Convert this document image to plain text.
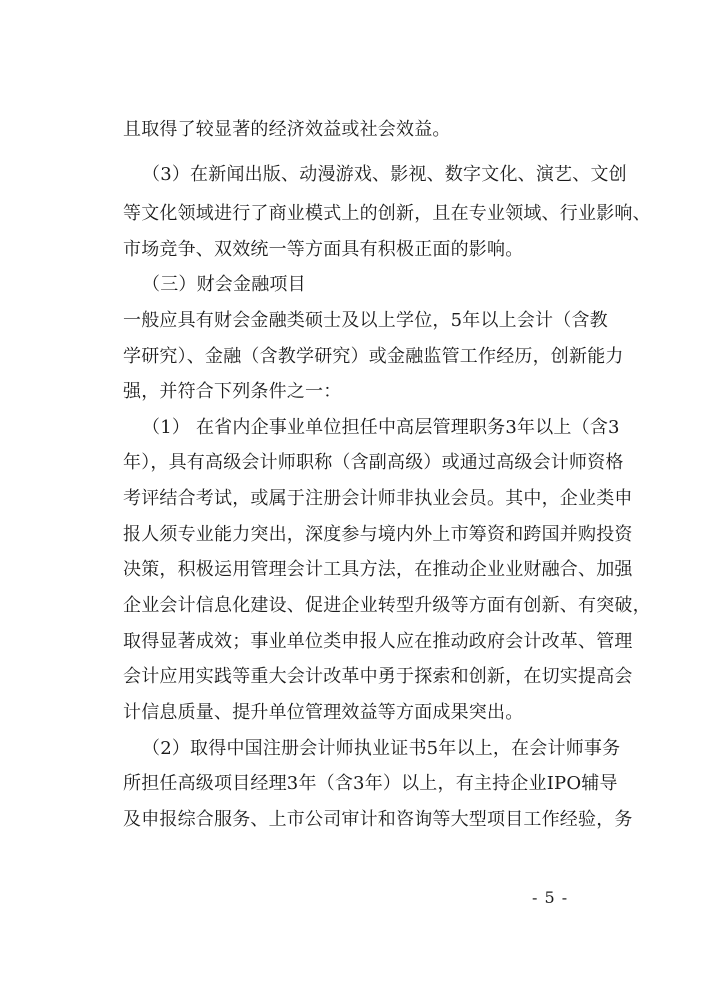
且取得了较显著的经济效益或社会效益。
（3）在新闻出版、动漫游戏、影视、数字文化、演艺、文创
等文化领域进行了商业模式上的创新，且在专业领域、行业影响、
市场竞争、双效统一等方面具有积极正面的影响。
（三）财会金融项目
一般应具有财会金融类硕士及以上学位，5年以上会计（含教
学研究）、金融（含教学研究）或金融监管工作经历，创新能力
强，并符合下列条件之一：
（1） 在省内企事业单位担任中高层管理职务3年以上（含3
年），具有高级会计师职称（含副高级）或通过高级会计师资格
考评结合考试，或属于注册会计师非执业会员。其中，企业类申
报人须专业能力突出，深度参与境内外上市筹资和跨国并购投资
决策，积极运用管理会计工具方法，在推动企业业财融合、加强
企业会计信息化建设、促进企业转型升级等方面有创新、有突破，
取得显著成效；事业单位类申报人应在推动政府会计改革、管理
会计应用实践等重大会计改革中勇于探索和创新，在切实提高会
计信息质量、提升单位管理效益等方面成果突出。
（2）取得中国注册会计师执业证书5年以上，在会计师事务
所担任高级项目经理3年（含3年）以上，有主持企业IPO辅导
及申报综合服务、上市公司审计和咨询等大型项目工作经验，务
- 5 -
